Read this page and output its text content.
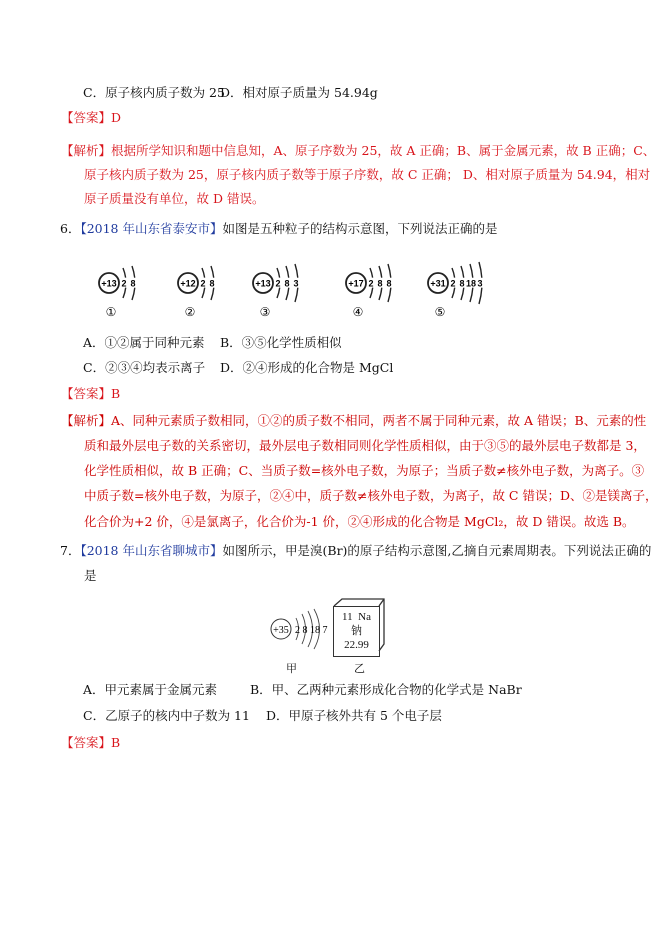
C．原子核内质子数为 25
D．相对原子质量为 54.94g
【答案】D
【解析】根据所学知识和题中信息知，A、原子序数为 25，故 A 正确；B、属于金属元素，故 B 正确；C、
原子核内质子数为 25，原子核内质子数等于原子序数，故 C 正确； D、相对原子质量为 54.94，相对
原子质量没有单位，故 D 错误。
6．【2018 年山东省泰安市】如图是五种粒子的结构示意图，下列说法正确的是
+13 2 8
①
+12 2 8
②
+13 2 8 3
③
+17 2 8 8
④
+31 2 8 18 3
⑤
A．①②属于同种元素 B．③⑤化学性质相似
C．②③④均表示离子 D．②④形成的化合物是 MgCl
【答案】B
【解析】A、同种元素质子数相同，①②的质子数不相同，两者不属于同种元素，故 A 错误；B、元素的性
质和最外层电子数的关系密切，最外层电子数相同则化学性质相似，由于③⑤的最外层电子数都是 3，
化学性质相似，故 B 正确；C、当质子数=核外电子数，为原子；当质子数≠核外电子数，为离子。③
中质子数=核外电子数，为原子，②④中，质子数≠核外电子数，为离子，故 C 错误；D、②是镁离子，
化合价为+2 价，④是氯离子，化合价为-1 价，②④形成的化合物是 MgCl₂，故 D 错误。故选 B。
7．【2018 年山东省聊城市】如图所示，甲是溴(Br)的原子结构示意图,乙摘自元素周期表。下列说法正确的
是
+35 2 8 18 7
甲
11 Na
钠
22.99
乙
A．甲元素属于金属元素	B．甲、乙两种元素形成化合物的化学式是 NaBr
C．乙原子的核内中子数为 11 D．甲原子核外共有 5 个电子层
【答案】B
